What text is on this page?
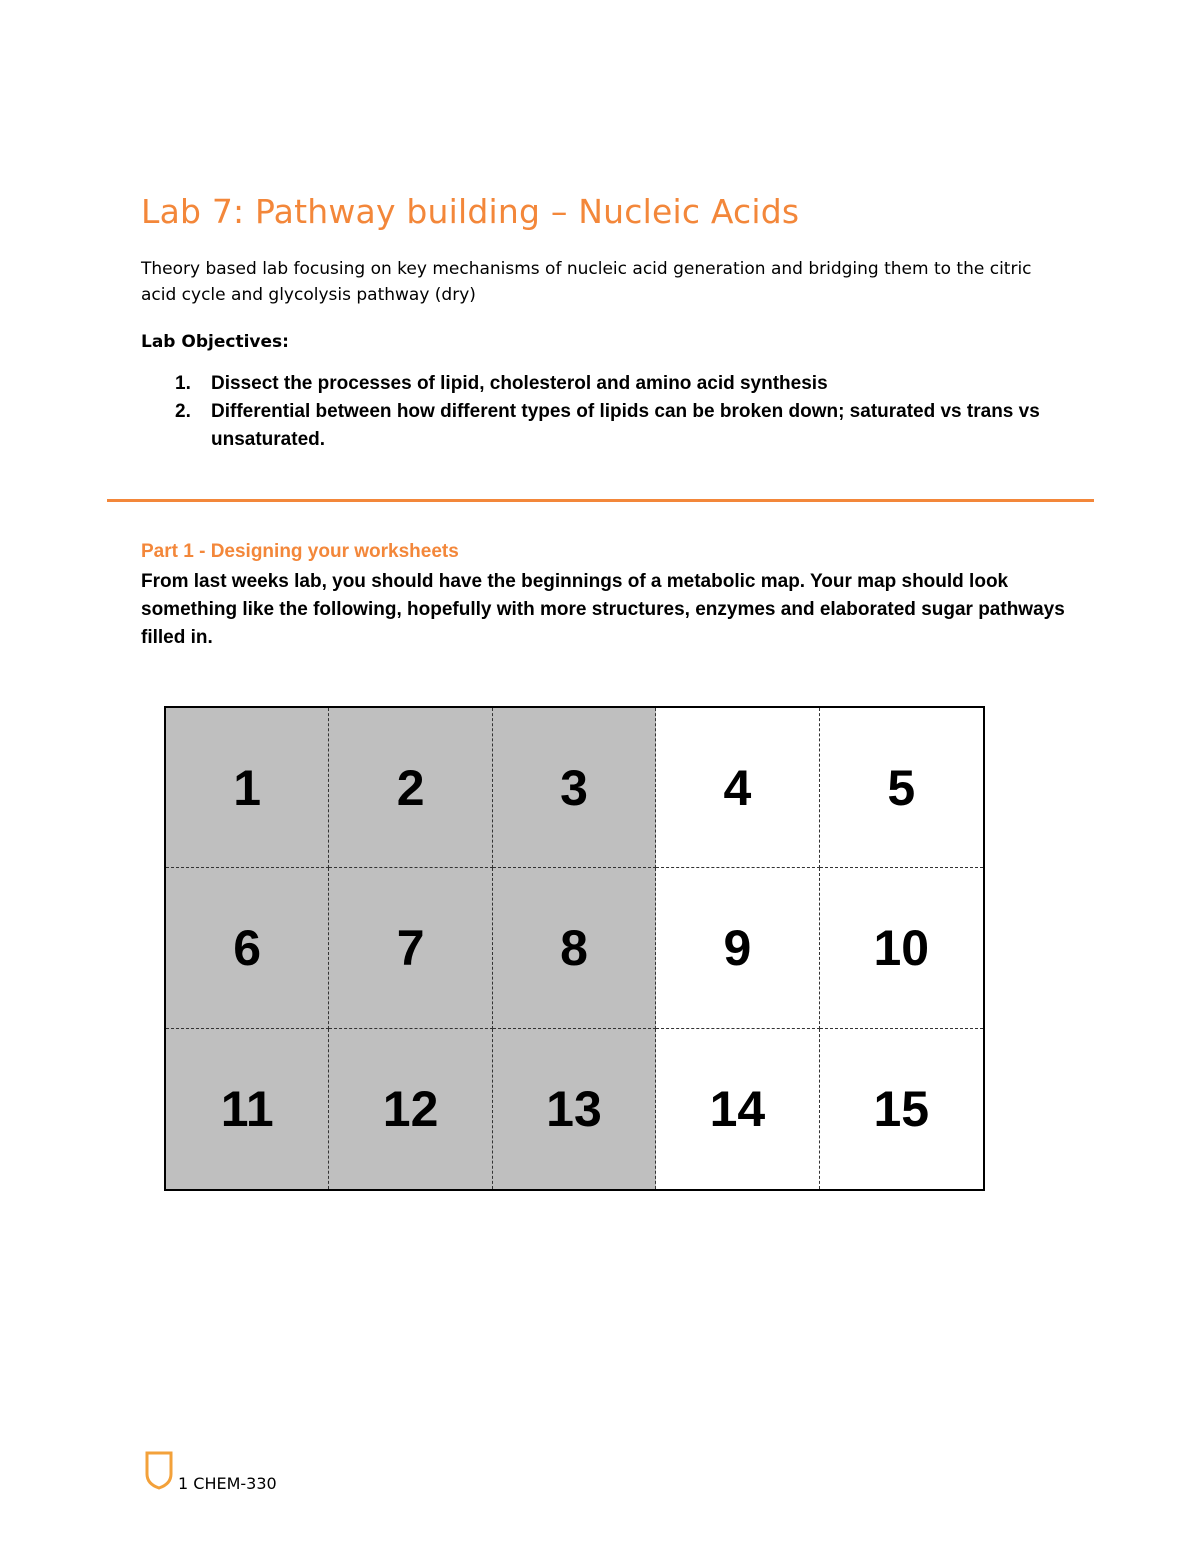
Lab 7: Pathway building – Nucleic Acids

Theory based lab focusing on key mechanisms of nucleic acid generation and bridging them to the citric acid cycle and glycolysis pathway (dry)

Lab Objectives:

1.	Dissect the processes of lipid, cholesterol and amino acid synthesis
2.	Differential between how different types of lipids can be broken down; saturated vs trans vs unsaturated.

Part 1 - Designing your worksheets

From last weeks lab, you should have the beginnings of a metabolic map. Your map should look something like the following, hopefully with more structures, enzymes and elaborated sugar pathways filled in.

1	2	3	4	5
6	7	8	9	10
11	12	13	14	15
1 CHEM-330
